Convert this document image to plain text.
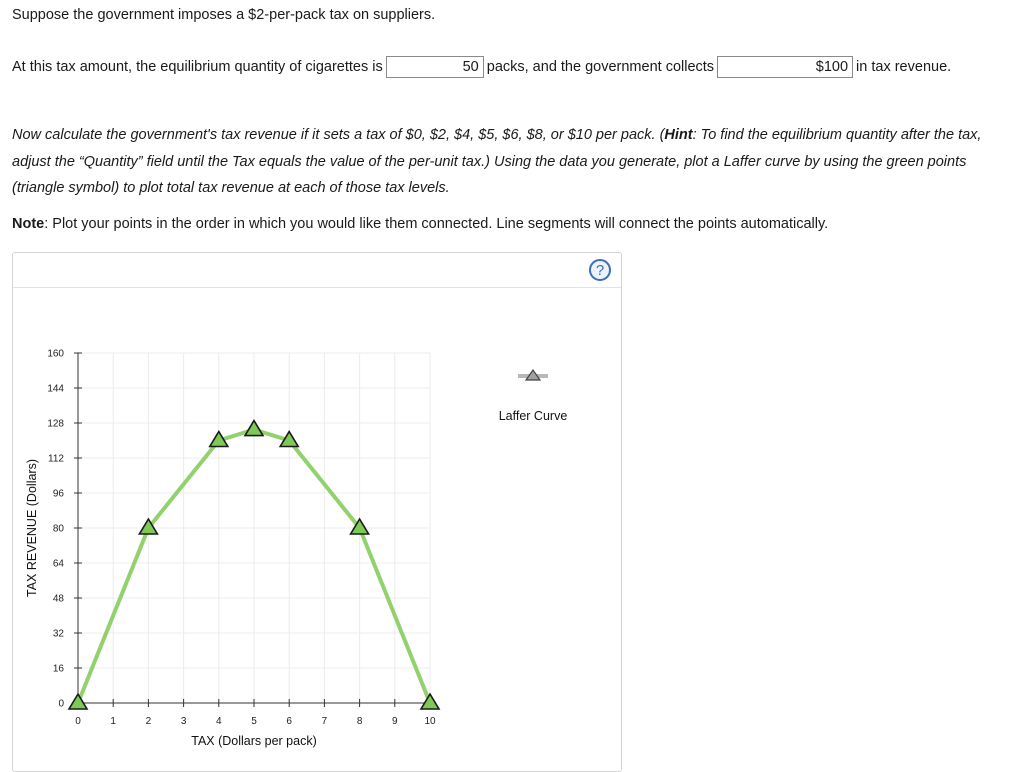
Suppose the government imposes a $2-per-pack tax on suppliers.
At this tax amount, the equilibrium quantity of cigarettes is	50 packs, and the government collects	$100 in tax revenue.
Now calculate the government's tax revenue if it sets a tax of $0, $2, $4, $5, $6, $8, or $10 per pack. (Hint: To find the equilibrium quantity after the tax, adjust the “Quantity” field until the Tax equals the value of the per-unit tax.) Using the data you generate, plot a Laffer curve by using the green points (triangle symbol) to plot total tax revenue at each of those tax levels.
Note: Plot your points in the order in which you would like them connected. Line segments will connect the points automatically.
?
0	1	2	3	4	5	6	7	8	9	10
0
16
32
48
64
80
96
112
128
144
160
TAX (Dollars per pack)
TAX REVENUE (Dollars)
Laffer Curve
